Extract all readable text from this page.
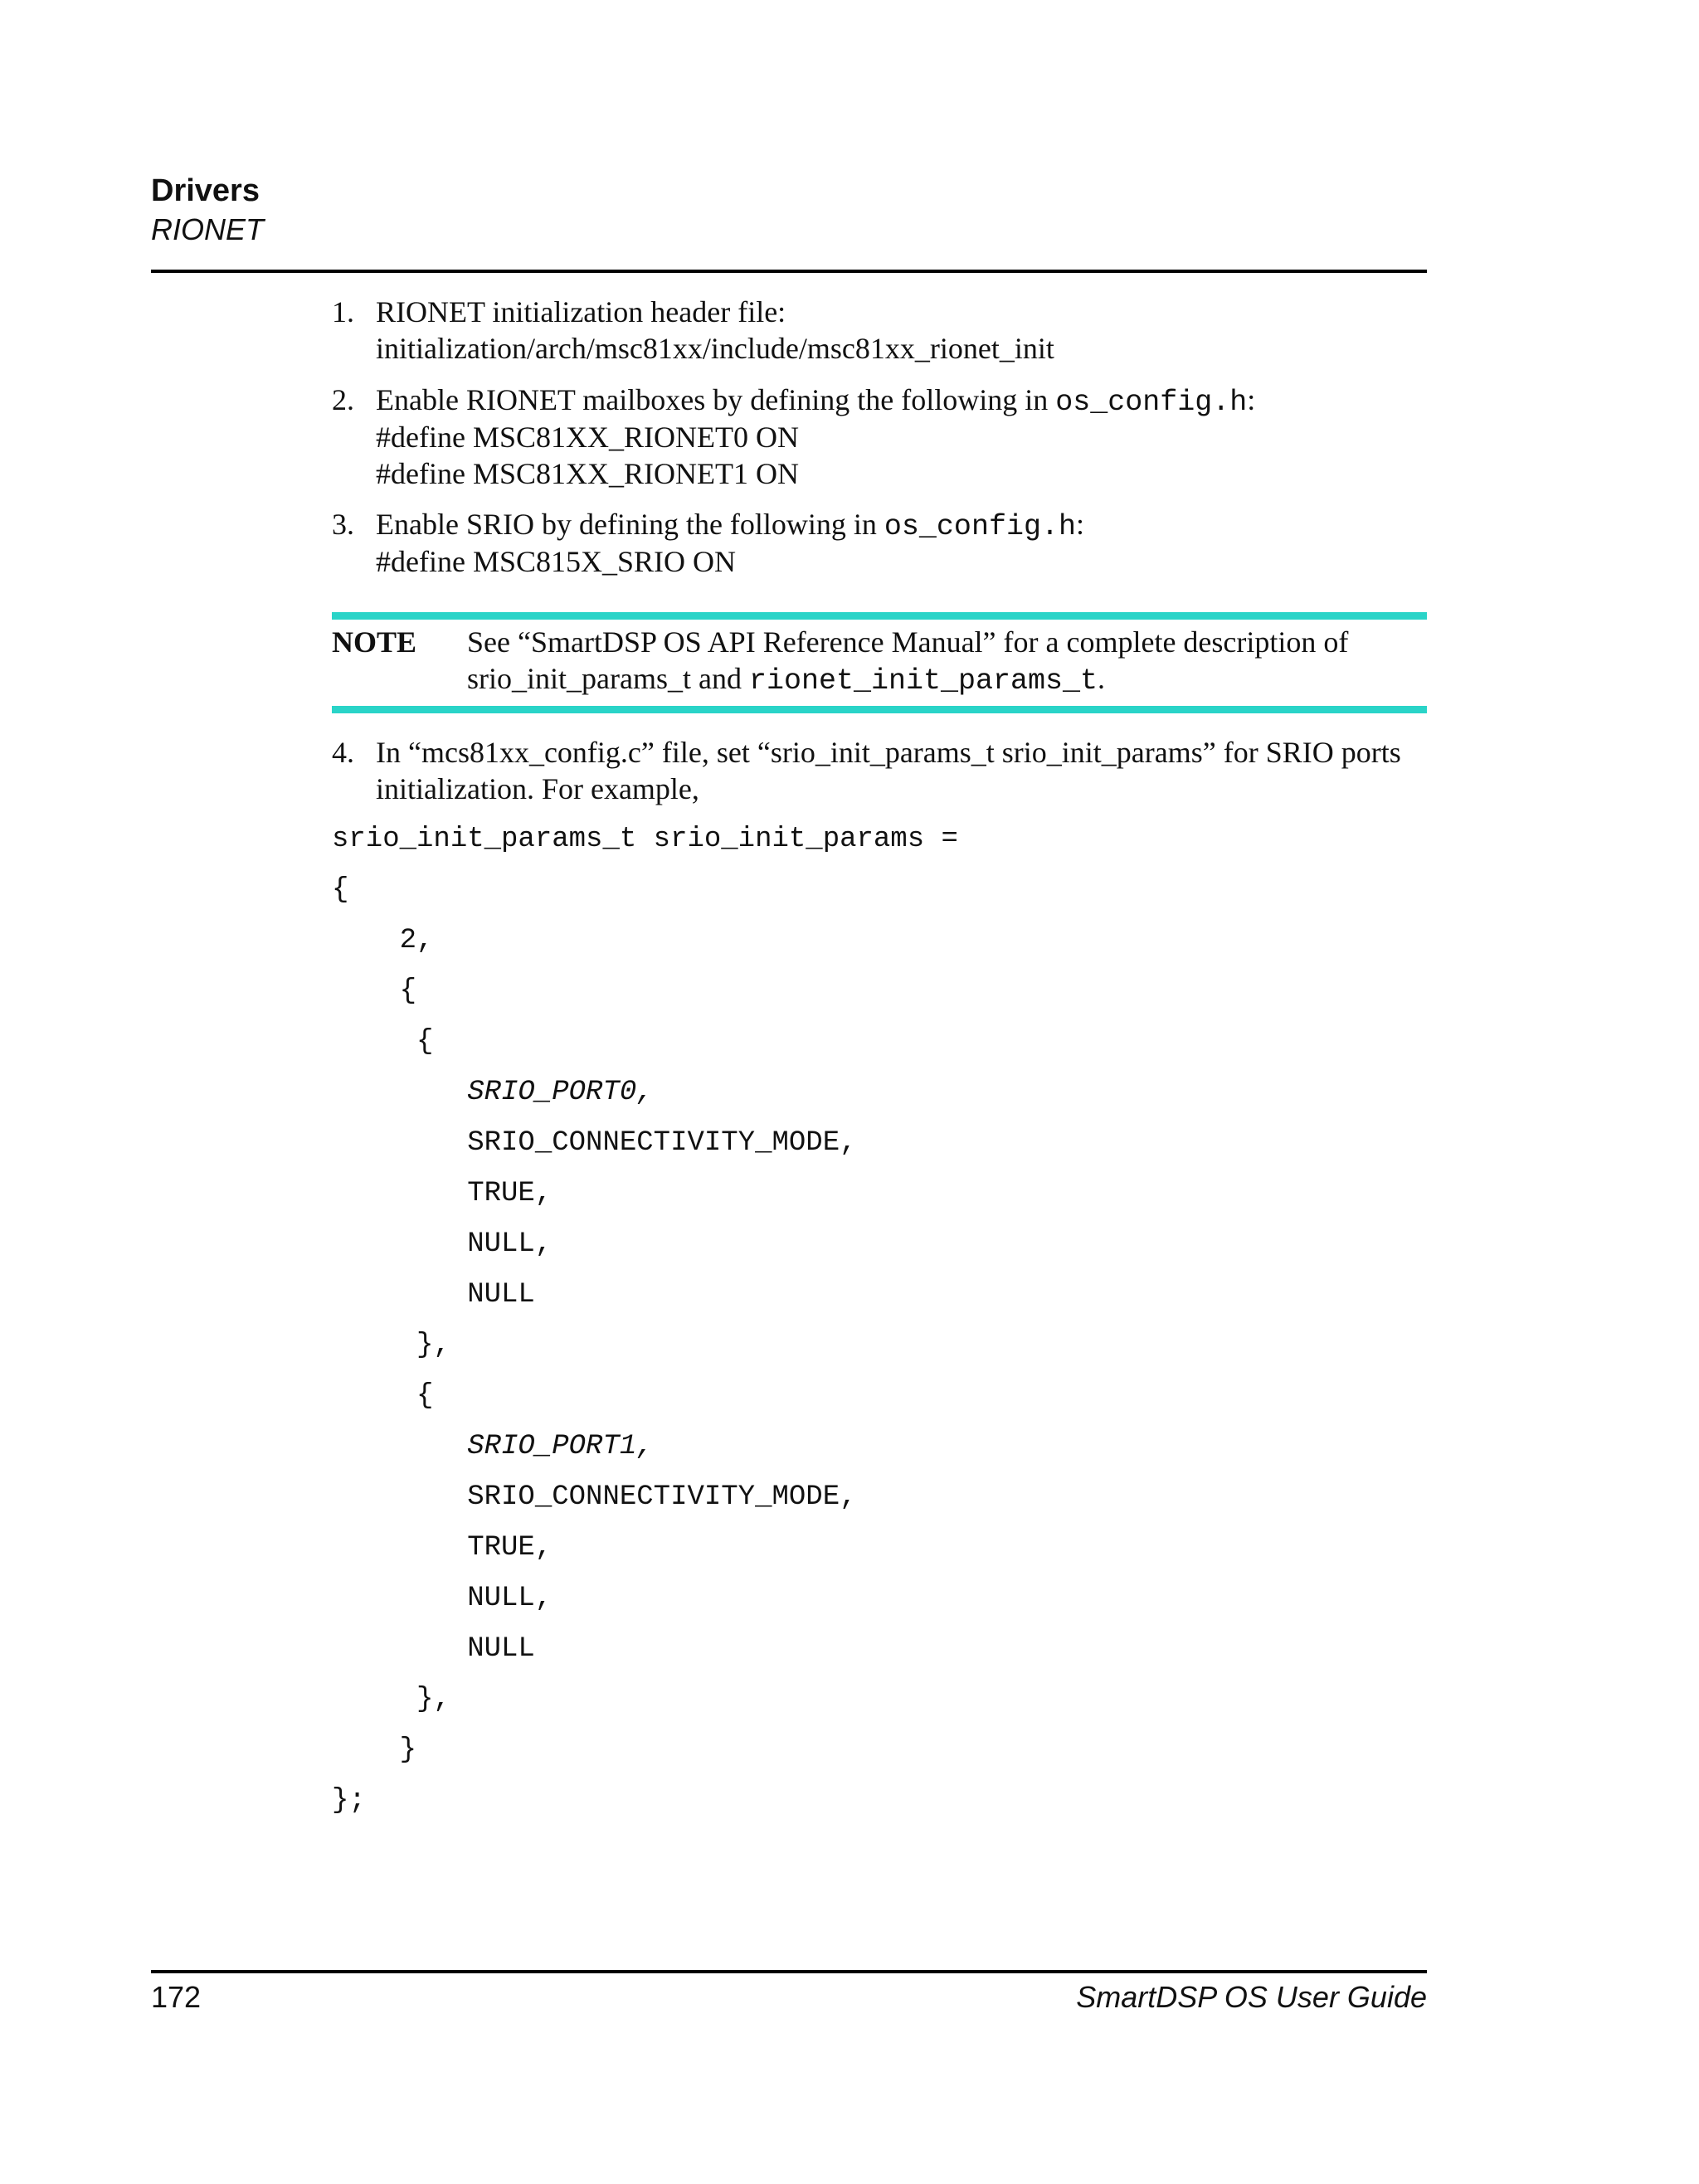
Drivers
RIONET
1. RIONET initialization header file:
initialization/arch/msc81xx/include/msc81xx_rionet_init
2. Enable RIONET mailboxes by defining the following in os_config.h:
#define MSC81XX_RIONET0 ON
#define MSC81XX_RIONET1 ON
3. Enable SRIO by defining the following in os_config.h:
#define MSC815X_SRIO ON
NOTE See “SmartDSP OS API Reference Manual” for a complete description of
srio_init_params_t and rionet_init_params_t.
4. In “mcs81xx_config.c” file, set “srio_init_params_t srio_init_params” for SRIO ports
initialization. For example,
srio_init_params_t srio_init_params =
{
2,
{
{
SRIO_PORT0,
SRIO_CONNECTIVITY_MODE,
TRUE,
NULL,
NULL
},
{
SRIO_PORT1,
SRIO_CONNECTIVITY_MODE,
TRUE,
NULL,
NULL
},
}
};
172	SmartDSP OS User Guide
